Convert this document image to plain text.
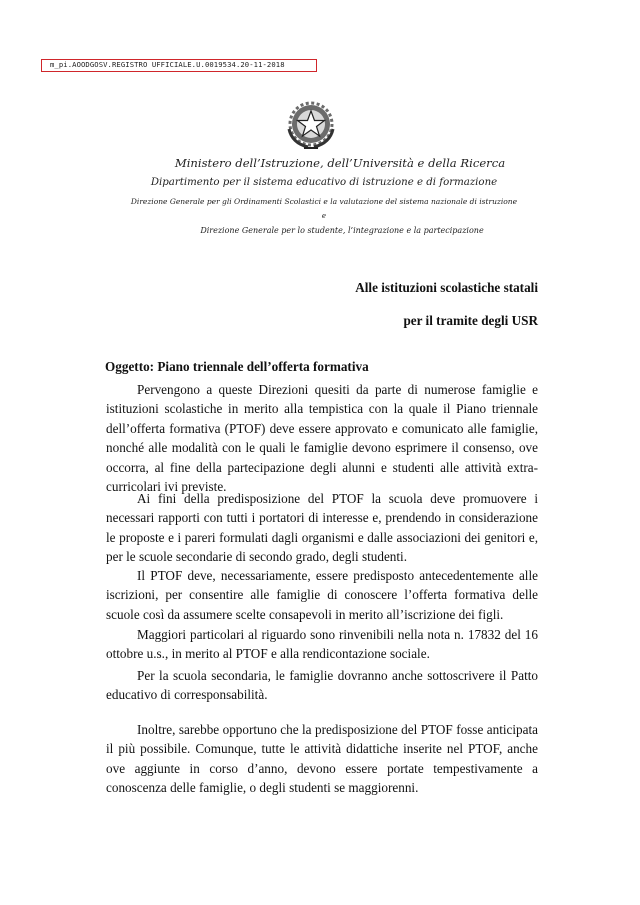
m_pi.AOODGOSV.REGISTRO UFFICIALE.U.0019534.20-11-2018
Ministero dell’Istruzione, dell’Università e della Ricerca
Dipartimento per il sistema educativo di istruzione e di formazione
Direzione Generale per gli Ordinamenti Scolastici e la valutazione del sistema nazionale di istruzione
e
Direzione Generale per lo studente, l’integrazione e la partecipazione
Alle istituzioni scolastiche statali
per il tramite degli USR
Oggetto: Piano triennale dell’offerta formativa

Pervengono a queste Direzioni quesiti da parte di numerose famiglie e istituzioni scolastiche in merito alla tempistica con la quale il Piano triennale dell’offerta formativa (PTOF) deve essere approvato e comunicato alle famiglie, nonché alle modalità con le quali le famiglie devono esprimere il consenso, ove occorra, al fine della partecipazione degli alunni e studenti alle attività extra-curricolari ivi previste.

Ai fini della predisposizione del PTOF la scuola deve promuovere i necessari rapporti con tutti i portatori di interesse e, prendendo in considerazione le proposte e i pareri formulati dagli organismi e dalle associazioni dei genitori e, per le scuole secondarie di secondo grado, degli studenti.

Il PTOF deve, necessariamente, essere predisposto antecedentemente alle iscrizioni, per consentire alle famiglie di conoscere l’offerta formativa delle scuole così da assumere scelte consapevoli in merito all’iscrizione dei figli.

Maggiori particolari al riguardo sono rinvenibili nella nota n. 17832 del 16 ottobre u.s., in merito al PTOF e alla rendicontazione sociale.

Per la scuola secondaria, le famiglie dovranno anche sottoscrivere il Patto educativo di corresponsabilità.

Inoltre, sarebbe opportuno che la predisposizione del PTOF fosse anticipata il più possibile. Comunque, tutte le attività didattiche inserite nel PTOF, anche ove aggiunte in corso d’anno, devono essere portate tempestivamente a conoscenza delle famiglie, o degli studenti se maggiorenni.
